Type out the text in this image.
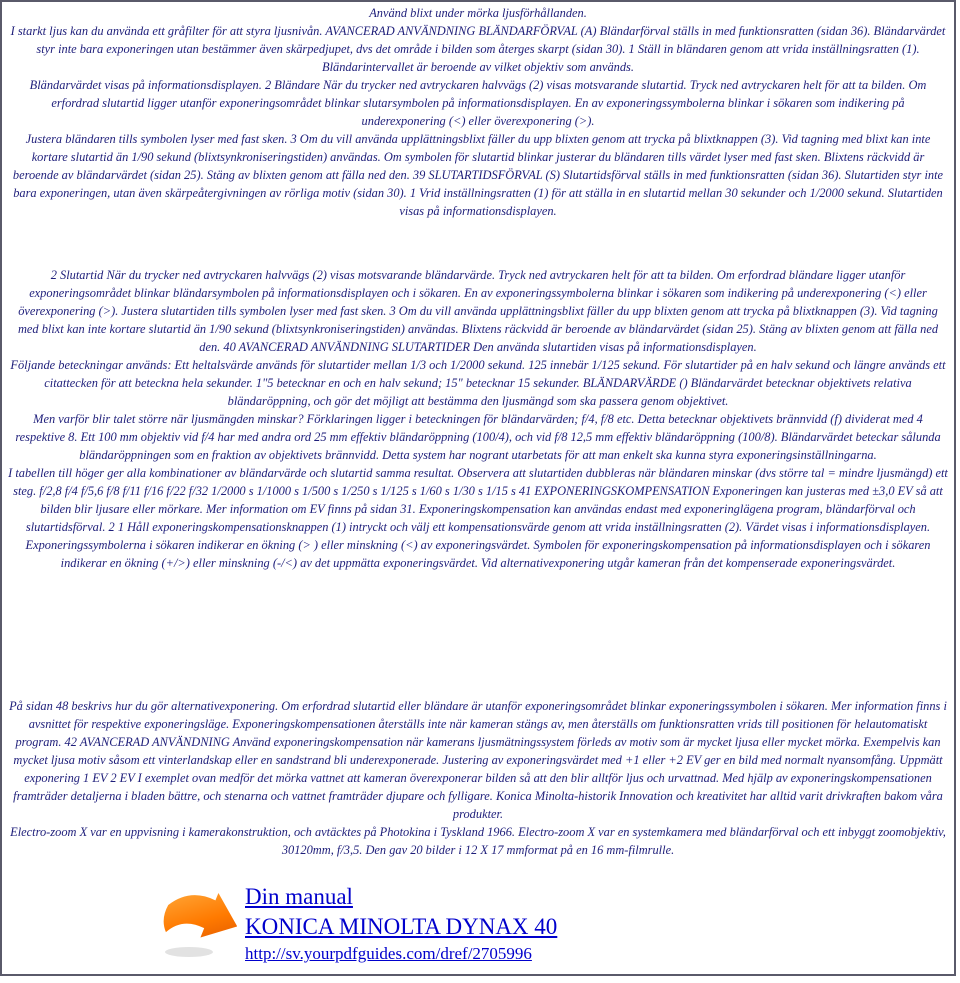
Använd blixt under mörka ljusförhållanden.

I starkt ljus kan du använda ett gråfilter för att styra ljusnivån. AVANCERAD ANVÄNDNING BLÄNDARFÖRVAL (A) Bländarförval ställs in med funktionsratten (sidan 36). Bländarvärdet styr inte bara exponeringen utan bestämmer även skärpedjupet, dvs det område i bilden som återges skarpt (sidan 30). 1 Ställ in bländaren genom att vrida inställningsratten (1). Bländarintervallet är beroende av vilket objektiv som används.

Bländarvärdet visas på informationsdisplayen. 2 Bländare När du trycker ned avtryckaren halvvägs (2) visas motsvarande slutartid. Tryck ned avtryckaren helt för att ta bilden. Om erfordrad slutartid ligger utanför exponeringsområdet blinkar slutarsymbolen på informationsdisplayen. En av exponeringssymbolerna blinkar i sökaren som indikering på underexponering (<) eller överexponering (>).

Justera bländaren tills symbolen lyser med fast sken. 3 Om du vill använda upplättningsblixt fäller du upp blixten genom att trycka på blixtknappen (3). Vid tagning med blixt kan inte kortare slutartid än 1/90 sekund (blixtsynkroniseringstiden) användas. Om symbolen för slutartid blinkar justerar du bländaren tills värdet lyser med fast sken. Blixtens räckvidd är beroende av bländarvärdet (sidan 25). Stäng av blixten genom att fälla ned den. 39 SLUTARTIDSFÖRVAL (S) Slutartidsförval ställs in med funktionsratten (sidan 36). Slutartiden styr inte bara exponeringen, utan även skärpeåtergivningen av rörliga motiv (sidan 30). 1 Vrid inställningsratten (1) för att ställa in en slutartid mellan 30 sekunder och 1/2000 sekund. Slutartiden visas på informationsdisplayen.

2 Slutartid När du trycker ned avtryckaren halvvägs (2) visas motsvarande bländarvärde. Tryck ned avtryckaren helt för att ta bilden. Om erfordrad bländare ligger utanför exponeringsområdet blinkar bländarsymbolen på informationsdisplayen och i sökaren. En av exponeringssymbolerna blinkar i sökaren som indikering på underexponering (<) eller överexponering (>). Justera slutartiden tills symbolen lyser med fast sken. 3 Om du vill använda upplättningsblixt fäller du upp blixten genom att trycka på blixtknappen (3). Vid tagning med blixt kan inte kortare slutartid än 1/90 sekund (blixtsynkroniseringstiden) användas. Blixtens räckvidd är beroende av bländarvärdet (sidan 25). Stäng av blixten genom att fälla ned den. 40 AVANCERAD ANVÄNDNING SLUTARTIDER Den använda slutartiden visas på informationsdisplayen.

Följande beteckningar används: Ett heltalsvärde används för slutartider mellan 1/3 och 1/2000 sekund. 125 innebär 1/125 sekund. För slutartider på en halv sekund och längre används ett citattecken för att beteckna hela sekunder. 1"5 betecknar en och en halv sekund; 15" betecknar 15 sekunder. BLÄNDARVÄRDE () Bländarvärdet betecknar objektivets relativa bländaröppning, och gör det möjligt att bestämma den ljusmängd som ska passera genom objektivet.

Men varför blir talet större när ljusmängden minskar? Förklaringen ligger i beteckningen för bländarvärden; f/4, f/8 etc. Detta betecknar objektivets brännvidd (f) dividerat med 4 respektive 8. Ett 100 mm objektiv vid f/4 har med andra ord 25 mm effektiv bländaröppning (100/4), och vid f/8 12,5 mm effektiv bländaröppning (100/8). Bländarvärdet beteckar sålunda bländaröppningen som en fraktion av objektivets brännvidd. Detta system har nogrant utarbetats för att man enkelt ska kunna styra exponeringsinställningarna.

I tabellen till höger ger alla kombinationer av bländarvärde och slutartid samma resultat. Observera att slutartiden dubbleras när bländaren minskar (dvs större tal = mindre ljusmängd) ett steg. f/2,8 f/4 f/5,6 f/8 f/11 f/16 f/22 f/32 1/2000 s 1/1000 s 1/500 s 1/250 s 1/125 s 1/60 s 1/30 s 1/15 s 41 EXPONERINGSKOMPENSATION Exponeringen kan justeras med ±3,0 EV så att bilden blir ljusare eller mörkare. Mer information om EV finns på sidan 31. Exponeringskompensation kan användas endast med exponeringlägena program, bländarförval och slutartidsförval. 2 1 Håll exponeringskompensationsknappen (1) intryckt och välj ett kompensationsvärde genom att vrida inställningsratten (2). Värdet visas i informationsdisplayen.

Exponeringssymbolerna i sökaren indikerar en ökning (> ) eller minskning (<) av exponeringsvärdet. Symbolen för exponeringskompensation på informationsdisplayen och i sökaren indikerar en ökning (+/>) eller minskning (-/<) av det uppmätta exponeringsvärdet. Vid alternativexponering utgår kameran från det kompenserade exponeringsvärdet.

På sidan 48 beskrivs hur du gör alternativexponering. Om erfordrad slutartid eller bländare är utanför exponeringsområdet blinkar exponeringssymbolen i sökaren. Mer information finns i avsnittet för respektive exponeringsläge. Exponeringskompensationen återställs inte när kameran stängs av, men återställs om funktionsratten vrids till positionen för helautomatiskt program. 42 AVANCERAD ANVÄNDNING Använd exponeringskompensation när kamerans ljusmätningssystem förleds av motiv som är mycket ljusa eller mycket mörka. Exempelvis kan mycket ljusa motiv såsom ett vinterlandskap eller en sandstrand bli underexponerade. Justering av exponeringsvärdet med +1 eller +2 EV ger en bild med normalt nyansomfång. Uppmätt exponering 1 EV 2 EV I exemplet ovan medför det mörka vattnet att kameran överexponerar bilden så att den blir alltför ljus och urvattnad. Med hjälp av exponeringskompensationen framträder detaljerna i bladen bättre, och stenarna och vattnet framträder djupare och fylligare. Konica Minolta-historik Innovation och kreativitet har alltid varit drivkraften bakom våra produkter.

Electro-zoom X var en uppvisning i kamerakonstruktion, och avtäcktes på Photokina i Tyskland 1966. Electro-zoom X var en systemkamera med bländarförval och ett inbyggt zoomobjektiv, 30120mm, f/3,5. Den gav 20 bilder i 12 X 17 mmformat på en 16 mm-filmrulle.

Din manual
KONICA MINOLTA DYNAX 40
http://sv.yourpdfguides.com/dref/2705996
